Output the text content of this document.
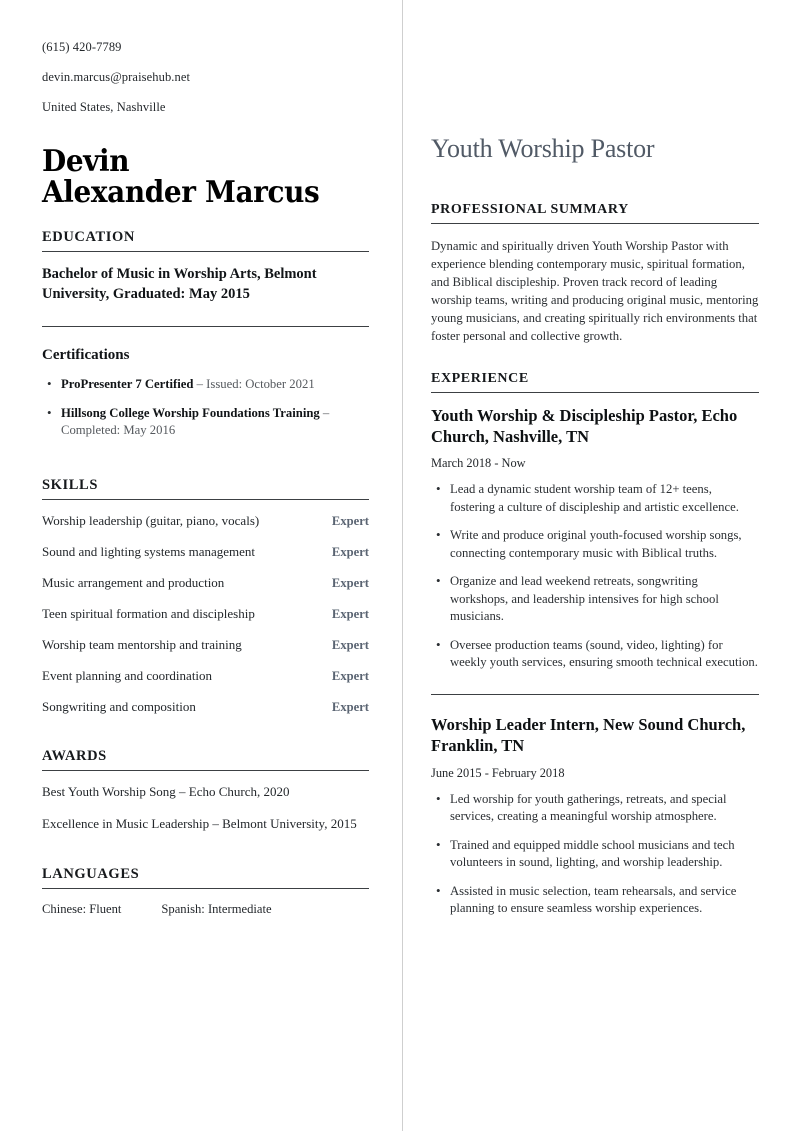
(615) 420-7789
devin.marcus@praisehub.net
United States, Nashville
Devin
Alexander Marcus
EDUCATION
Bachelor of Music in Worship Arts, Belmont University, Graduated: May 2015
Certifications
• ProPresenter 7 Certified – Issued: October 2021
• Hillsong College Worship Foundations Training – Completed: May 2016
SKILLS
Worship leadership (guitar, piano, vocals)	Expert
Sound and lighting systems management	Expert
Music arrangement and production	Expert
Teen spiritual formation and discipleship	Expert
Worship team mentorship and training	Expert
Event planning and coordination	Expert
Songwriting and composition	Expert
AWARDS
Best Youth Worship Song – Echo Church, 2020
Excellence in Music Leadership – Belmont University, 2015
LANGUAGES
Chinese: Fluent	Spanish: Intermediate
Youth Worship Pastor
PROFESSIONAL SUMMARY
Dynamic and spiritually driven Youth Worship Pastor with experience blending contemporary music, spiritual formation, and Biblical discipleship. Proven track record of leading worship teams, writing and producing original music, mentoring young musicians, and creating spiritually rich environments that foster personal and collective growth.
EXPERIENCE
Youth Worship & Discipleship Pastor, Echo Church, Nashville, TN
March 2018 - Now
• Lead a dynamic student worship team of 12+ teens, fostering a culture of discipleship and artistic excellence.
• Write and produce original youth-focused worship songs, connecting contemporary music with Biblical truths.
• Organize and lead weekend retreats, songwriting workshops, and leadership intensives for high school musicians.
• Oversee production teams (sound, video, lighting) for weekly youth services, ensuring smooth technical execution.
Worship Leader Intern, New Sound Church, Franklin, TN
June 2015 - February 2018
• Led worship for youth gatherings, retreats, and special services, creating a meaningful worship atmosphere.
• Trained and equipped middle school musicians and tech volunteers in sound, lighting, and worship leadership.
• Assisted in music selection, team rehearsals, and service planning to ensure seamless worship experiences.
